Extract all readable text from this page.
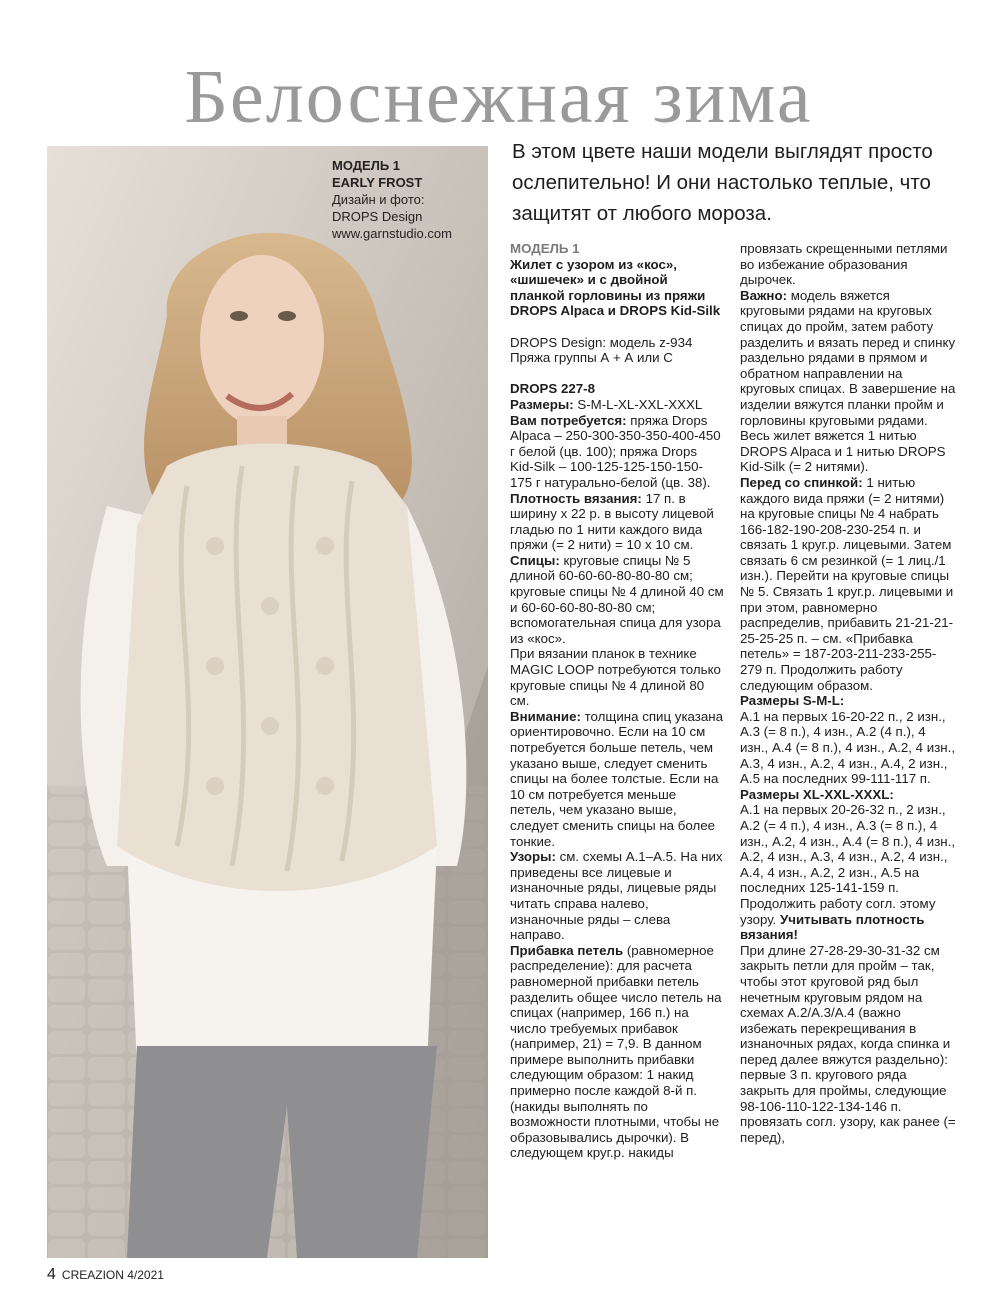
Белоснежная зима
МОДЕЛЬ 1
EARLY FROST
Дизайн и фото:
DROPS Design
www.garnstudio.com
В этом цвете наши модели выглядят просто ослепительно! И они настолько теплые, что защитят от любого мороза.

МОДЕЛЬ 1

Жилет с узором из «кос», «шишечек» и с двойной планкой горловины из пряжи DROPS Alpaca и DROPS Kid-Silk

DROPS Design: модель z-934

Пряжа группы А + А или С

DROPS 227-8

Размеры: S-M-L-XL-XXL-XXXL

Вам потребуется: пряжа Drops Alpaca – 250-300-350-350-400-450 г белой (цв. 100); пряжа Drops Kid-Silk – 100-125-125-150-150-175 г натурально-белой (цв. 38).

Плотность вязания: 17 п. в ширину х 22 р. в высоту лицевой гладью по 1 нити каждого вида пряжи (= 2 нити) = 10 х 10 см.

Спицы: круговые спицы № 5 длиной 60-60-60-80-80-80 см; круговые спицы № 4 длиной 40 см и 60-60-60-80-80-80 см; вспомогательная спица для узора из «кос».

При вязании планок в технике MAGIC LOOP потребуются только круговые спицы № 4 длиной 80 см.

Внимание: толщина спиц указана ориентировочно. Если на 10 см потребуется больше петель, чем указано выше, следует сменить спицы на более толстые. Если на 10 см потребуется меньше петель, чем указано выше, следует сменить спицы на более тонкие.

Узоры: см. схемы А.1–А.5. На них приведены все лицевые и изнаночные ряды, лицевые ряды читать справа налево, изнаночные ряды – слева направо.

Прибавка петель (равномерное распределение): для расчета равномерной прибавки петель разделить общее число петель на спицах (например, 166 п.) на число требуемых прибавок (например, 21) = 7,9. В данном примере выполнить прибавки следующим образом: 1 накид примерно после каждой 8-й п. (накиды выполнять по возможности плотными, чтобы не образовывались дырочки). В следующем круг.р. накиды

провязать скрещенными петлями во избежание образования дырочек.

Важно: модель вяжется круговыми рядами на круговых спицах до пройм, затем работу разделить и вязать перед и спинку раздельно рядами в прямом и обратном направлении на круговых спицах. В завершение на изделии вяжутся планки пройм и горловины круговыми рядами. Весь жилет вяжется 1 нитью DROPS Alpaca и 1 нитью DROPS Kid-Silk (= 2 нитями).

Перед со спинкой: 1 нитью каждого вида пряжи (= 2 нитями) на круговые спицы № 4 набрать 166-182-190-208-230-254 п. и связать 1 круг.р. лицевыми. Затем связать 6 см резинкой (= 1 лиц./1 изн.). Перейти на круговые спицы № 5. Связать 1 круг.р. лицевыми и при этом, равномерно распределив, прибавить 21-21-21-25-25-25 п. – см. «Прибавка петель» = 187-203-211-233-255-279 п. Продолжить работу следующим образом.

Размеры S-M-L:

А.1 на первых 16-20-22 п., 2 изн., А.3 (= 8 п.), 4 изн., А.2 (4 п.), 4 изн., А.4 (= 8 п.), 4 изн., А.2, 4 изн., А.3, 4 изн., А.2, 4 изн., А.4, 2 изн., А.5 на последних 99-111-117 п.

Размеры XL-XXL-XXXL:

А.1 на первых 20-26-32 п., 2 изн., А.2 (= 4 п.), 4 изн., А.3 (= 8 п.), 4 изн., А.2, 4 изн., А.4 (= 8 п.), 4 изн., А.2, 4 изн., А.3, 4 изн., А.2, 4 изн., А.4, 4 изн., А.2, 2 изн., А.5 на последних 125-141-159 п.

Продолжить работу согл. этому узору. Учитывать плотность вязания!

При длине 27-28-29-30-31-32 см закрыть петли для пройм – так, чтобы этот круговой ряд был нечетным круговым рядом на схемах А.2/А.3/А.4 (важно избежать перекрещивания в изнаночных рядах, когда спинка и перед далее вяжутся раздельно): первые 3 п. кругового ряда закрыть для проймы, следующие 98-106-110-122-134-146 п. провязать согл. узору, как ранее (= перед),

4 CREAZION 4/2021
